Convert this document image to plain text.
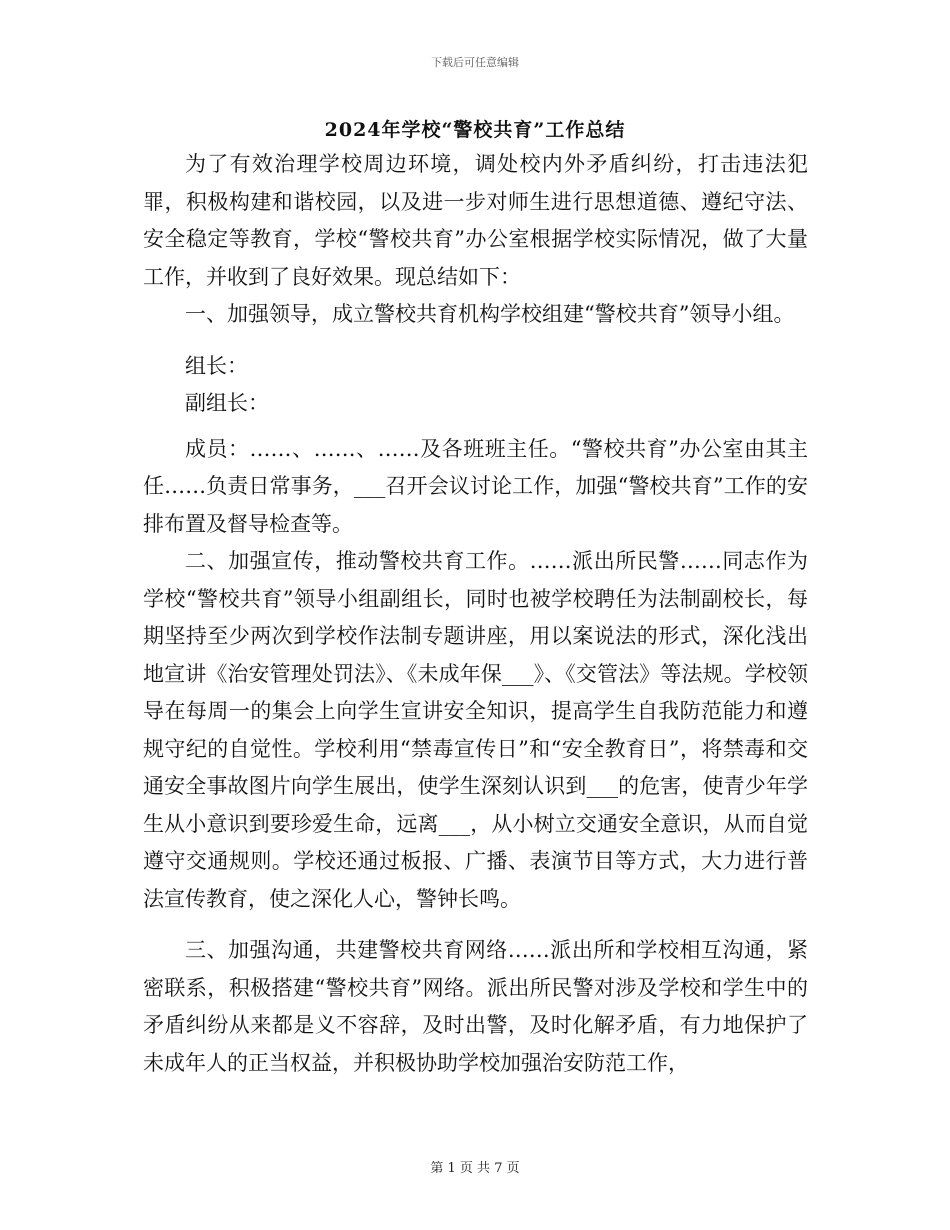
下载后可任意编辑
2024年学校“警校共育”工作总结

为了有效治理学校周边环境，调处校内外矛盾纠纷，打击违法犯罪，积极构建和谐校园，以及进一步对师生进行思想道德、遵纪守法、安全稳定等教育，学校“警校共育”办公室根据学校实际情况，做了大量工作，并收到了良好效果。现总结如下：

一、加强领导，成立警校共育机构学校组建“警校共育”领导小组。

组长：

副组长：

成员：……、……、……及各班班主任。“警校共育”办公室由其主任……负责日常事务，___召开会议讨论工作，加强“警校共育”工作的安排布置及督导检查等。

二、加强宣传，推动警校共育工作。……派出所民警……同志作为学校“警校共育”领导小组副组长，同时也被学校聘任为法制副校长，每期坚持至少两次到学校作法制专题讲座，用以案说法的形式，深化浅出地宣讲《治安管理处罚法》、《未成年保___》、《交管法》等法规。学校领导在每周一的集会上向学生宣讲安全知识，提高学生自我防范能力和遵规守纪的自觉性。学校利用“禁毒宣传日”和“安全教育日”，将禁毒和交通安全事故图片向学生展出，使学生深刻认识到___的危害，使青少年学生从小意识到要珍爱生命，远离___，从小树立交通安全意识，从而自觉遵守交通规则。学校还通过板报、广播、表演节目等方式，大力进行普法宣传教育，使之深化人心，警钟长鸣。

三、加强沟通，共建警校共育网络……派出所和学校相互沟通，紧密联系，积极搭建“警校共育”网络。派出所民警对涉及学校和学生中的矛盾纠纷从来都是义不容辞，及时出警，及时化解矛盾，有力地保护了未成年人的正当权益，并积极协助学校加强治安防范工作，

第 1 页 共 7 页
